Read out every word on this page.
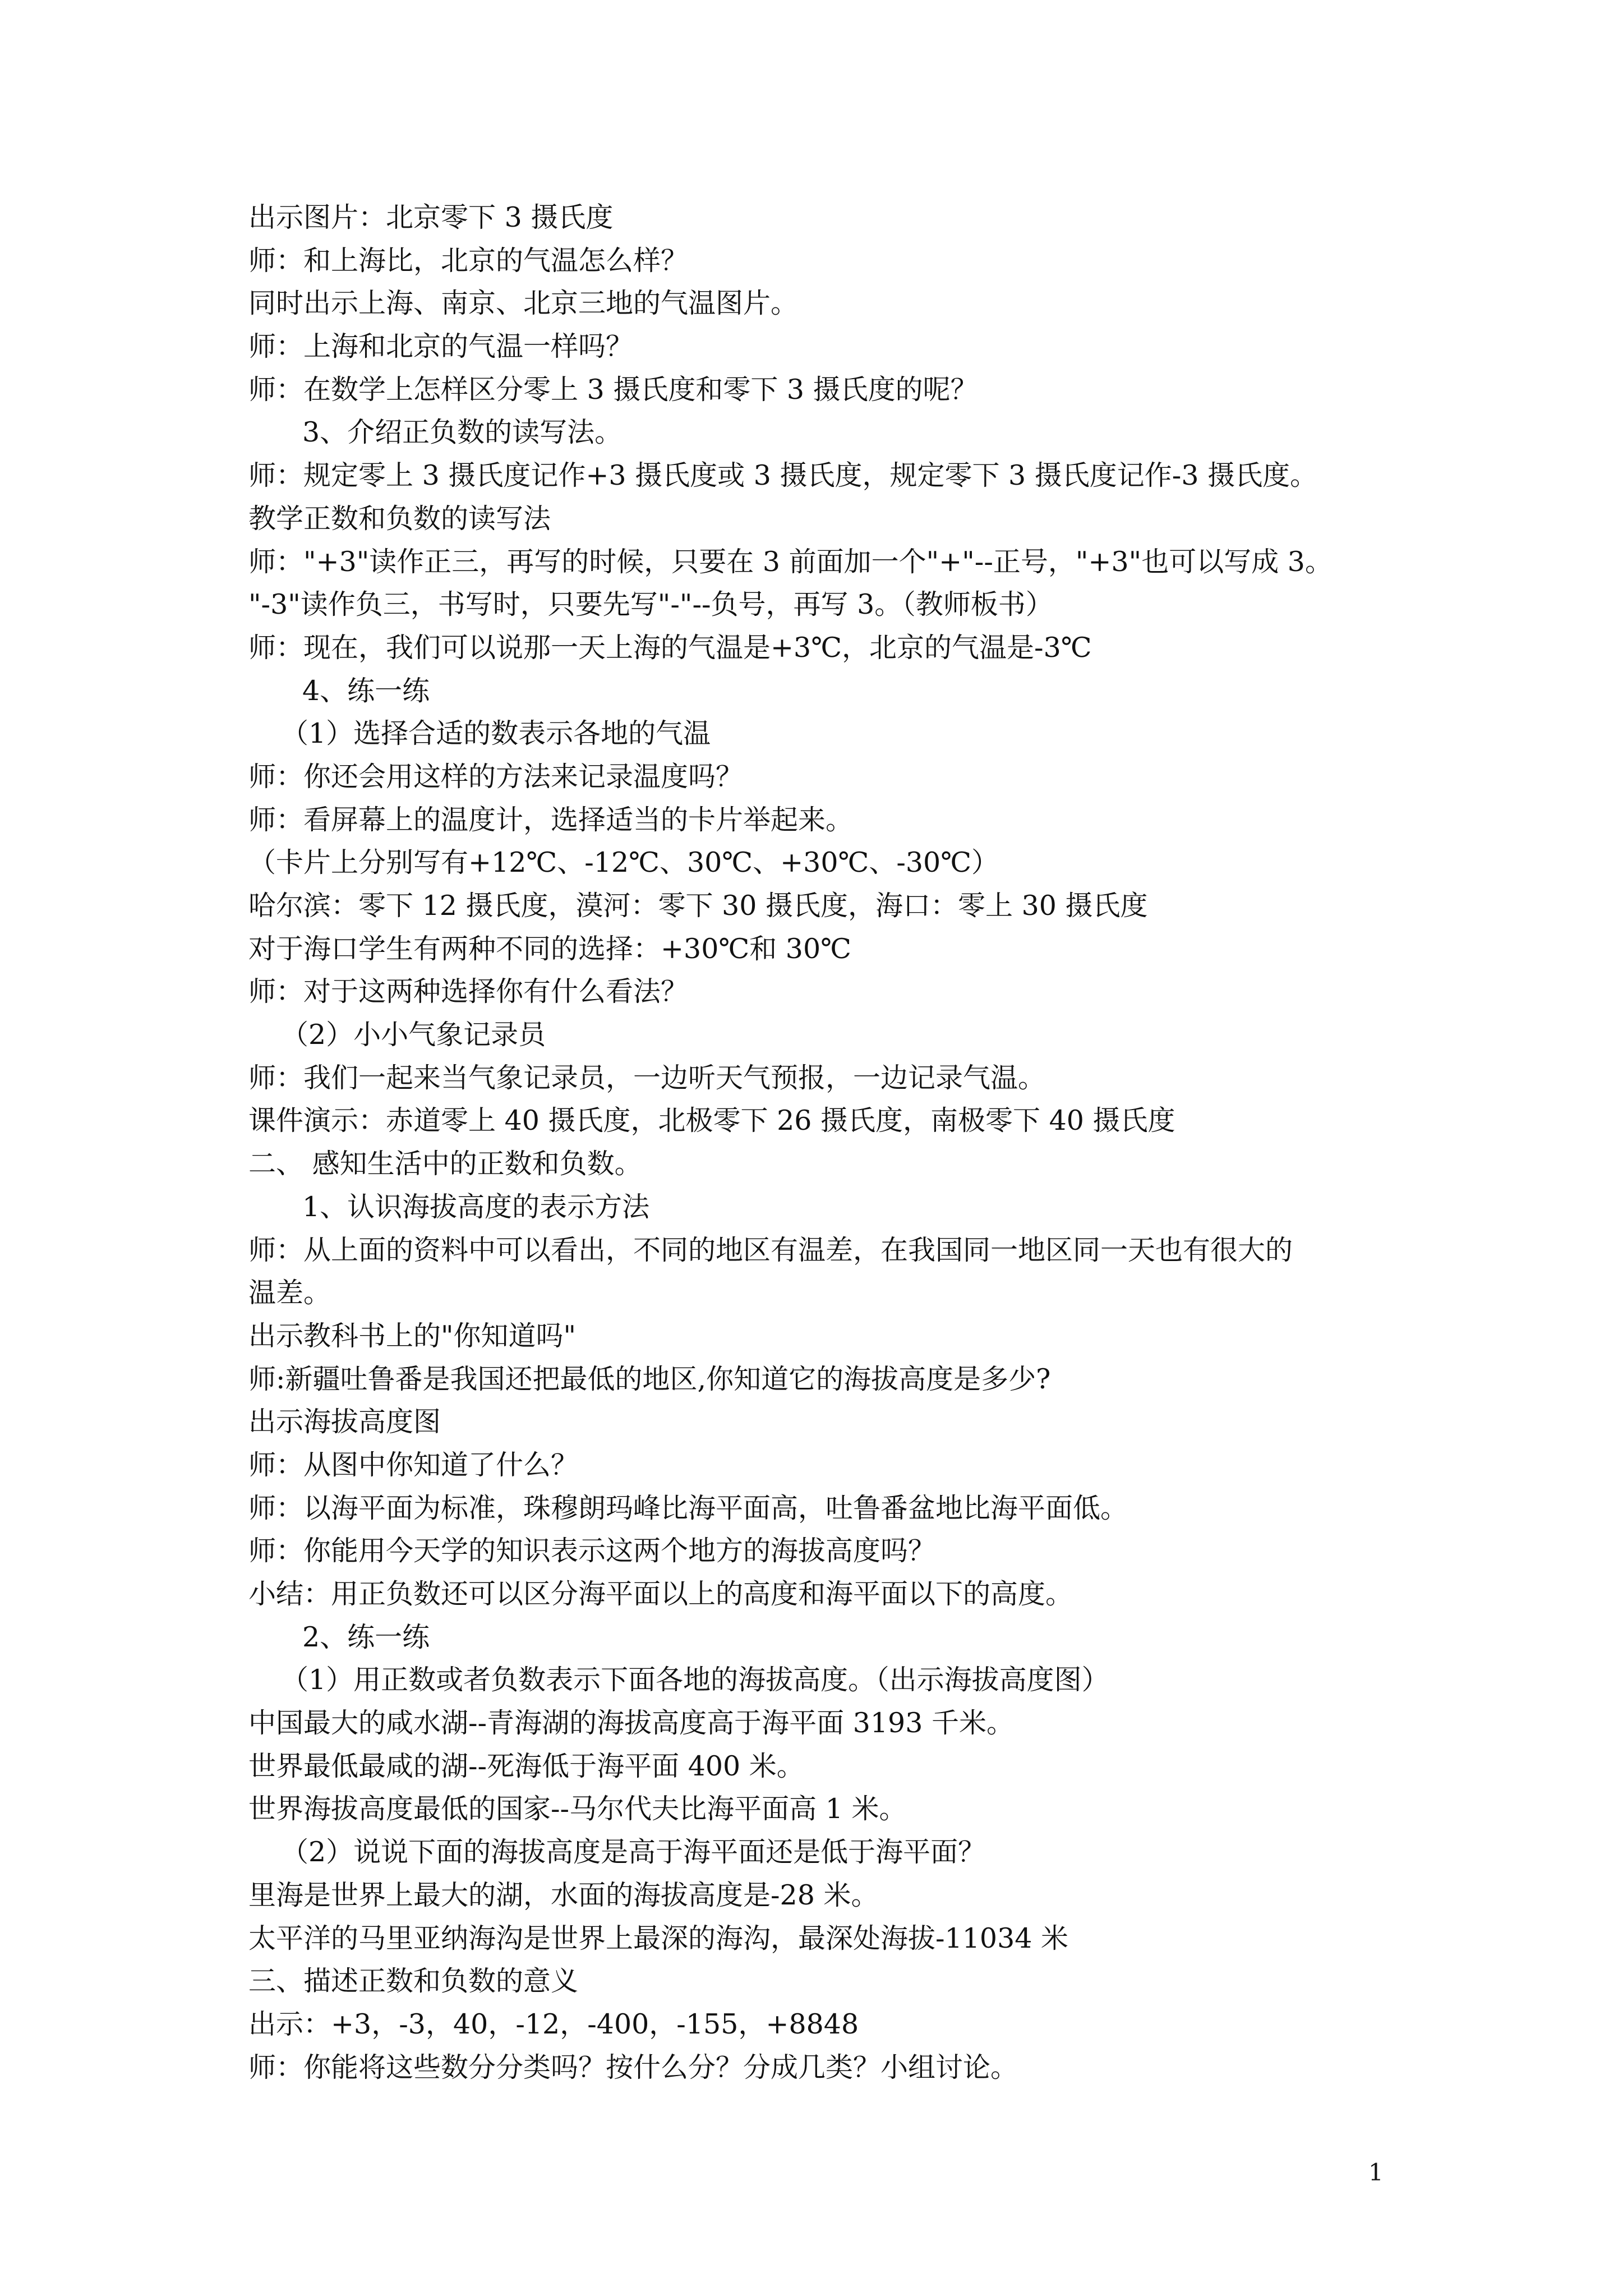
出示图片：北京零下 3 摄氏度
师：和上海比，北京的气温怎么样？
同时出示上海、南京、北京三地的气温图片。
师：上海和北京的气温一样吗？
师：在数学上怎样区分零上 3 摄氏度和零下 3 摄氏度的呢？
3、介绍正负数的读写法。
师：规定零上 3 摄氏度记作+3 摄氏度或 3 摄氏度，规定零下 3 摄氏度记作-3 摄氏度。
教学正数和负数的读写法
师："+3"读作正三，再写的时候，只要在 3 前面加一个"+"--正号，"+3"也可以写成 3。
"-3"读作负三，书写时，只要先写"-"--负号，再写 3。（教师板书）
师：现在，我们可以说那一天上海的气温是+3℃，北京的气温是-3℃
4、练一练
（1）选择合适的数表示各地的气温
师：你还会用这样的方法来记录温度吗？
师：看屏幕上的温度计，选择适当的卡片举起来。
（卡片上分别写有+12℃、-12℃、30℃、+30℃、-30℃）
哈尔滨：零下 12 摄氏度，漠河：零下 30 摄氏度，海口：零上 30 摄氏度
对于海口学生有两种不同的选择：+30℃和 30℃
师：对于这两种选择你有什么看法？
（2）小小气象记录员
师：我们一起来当气象记录员，一边听天气预报，一边记录气温。
课件演示：赤道零上 40 摄氏度，北极零下 26 摄氏度，南极零下 40 摄氏度
二、 感知生活中的正数和负数。
1、认识海拔高度的表示方法
师：从上面的资料中可以看出，不同的地区有温差，在我国同一地区同一天也有很大的
温差。
出示教科书上的"你知道吗"
师:新疆吐鲁番是我国还把最低的地区,你知道它的海拔高度是多少?
出示海拔高度图
师：从图中你知道了什么？
师：以海平面为标准，珠穆朗玛峰比海平面高，吐鲁番盆地比海平面低。
师：你能用今天学的知识表示这两个地方的海拔高度吗？
小结：用正负数还可以区分海平面以上的高度和海平面以下的高度。
2、练一练
（1）用正数或者负数表示下面各地的海拔高度。（出示海拔高度图）
中国最大的咸水湖--青海湖的海拔高度高于海平面 3193 千米。
世界最低最咸的湖--死海低于海平面 400 米。
世界海拔高度最低的国家--马尔代夫比海平面高 1 米。
（2）说说下面的海拔高度是高于海平面还是低于海平面？
里海是世界上最大的湖，水面的海拔高度是-28 米。
太平洋的马里亚纳海沟是世界上最深的海沟，最深处海拔-11034 米
三、描述正数和负数的意义
出示：+3，-3，40，-12，-400，-155，+8848
师：你能将这些数分分类吗？按什么分？分成几类？小组讨论。
1
